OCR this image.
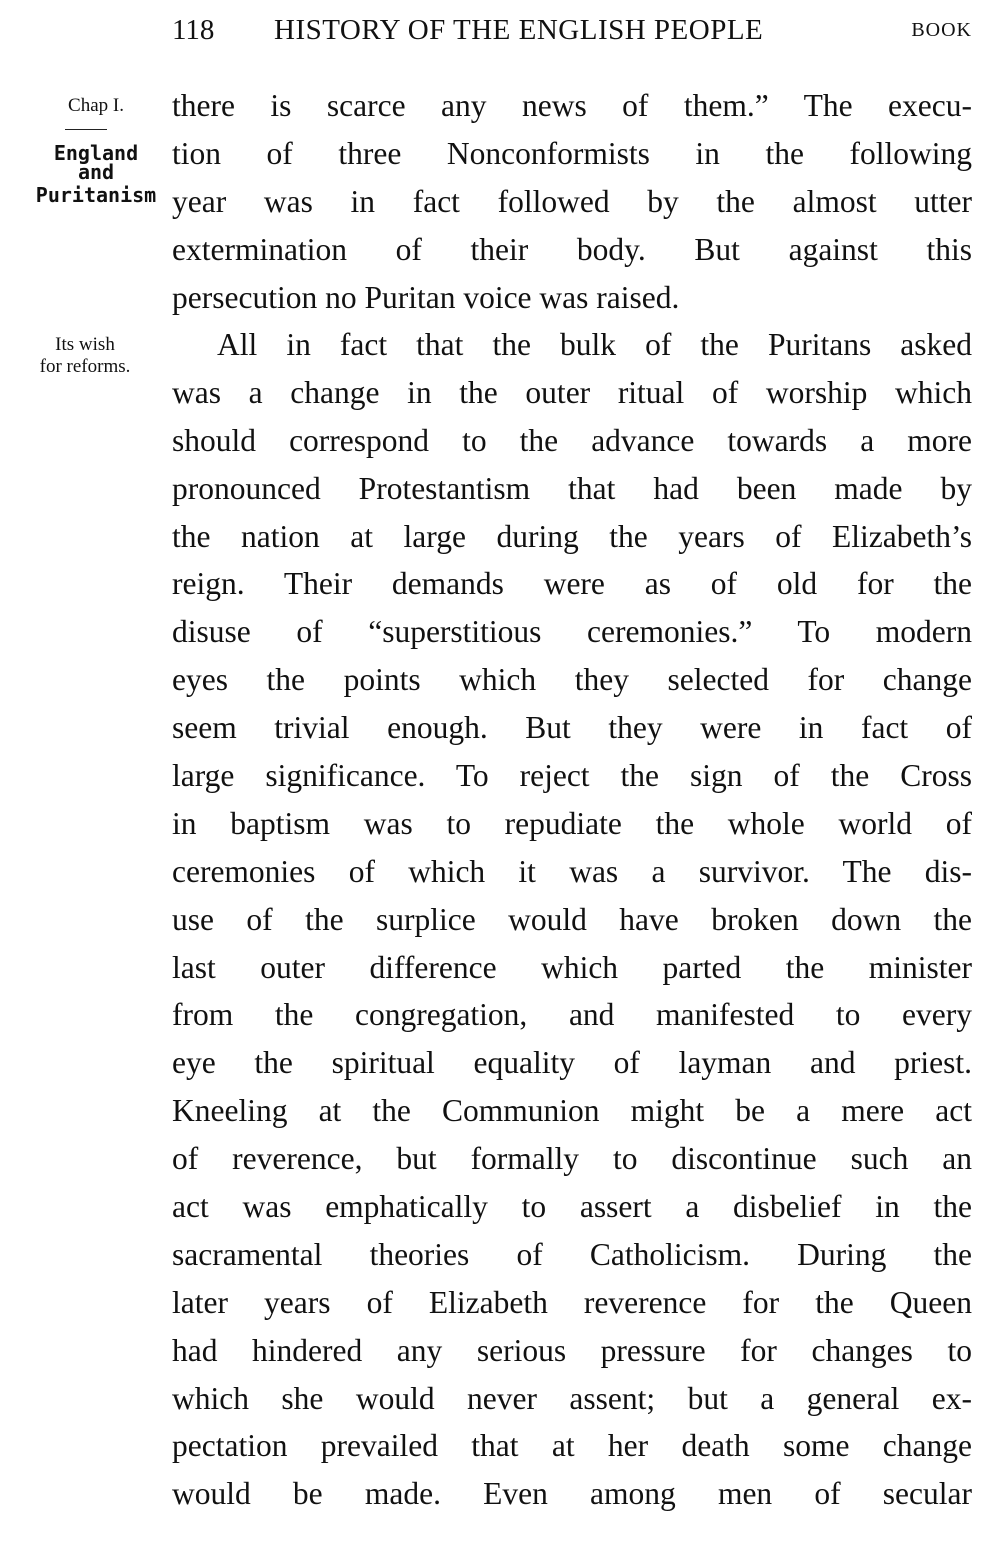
118 HISTORY OF THE ENGLISH PEOPLE	BOOK
Chap I.
England
and
Puritanism
Its wish
for reforms.
there is scarce any news of them.” The execu-
tion of three Nonconformists in the following
year was in fact followed by the almost utter
extermination of their body. But against this
persecution no Puritan voice was raised.
All in fact that the bulk of the Puritans asked
was a change in the outer ritual of worship which
should correspond to the advance towards a more
pronounced Protestantism that had been made by
the nation at large during the years of Elizabeth’s
reign. Their demands were as of old for the
disuse of “superstitious ceremonies.” To modern
eyes the points which they selected for change
seem trivial enough. But they were in fact of
large significance. To reject the sign of the Cross
in baptism was to repudiate the whole world of
ceremonies of which it was a survivor. The dis-
use of the surplice would have broken down the
last outer difference which parted the minister
from the congregation, and manifested to every
eye the spiritual equality of layman and priest.
Kneeling at the Communion might be a mere act
of reverence, but formally to discontinue such an
act was emphatically to assert a disbelief in the
sacramental theories of Catholicism. During the
later years of Elizabeth reverence for the Queen
had hindered any serious pressure for changes to
which she would never assent; but a general ex-
pectation prevailed that at her death some change
would be made. Even among men of secular
